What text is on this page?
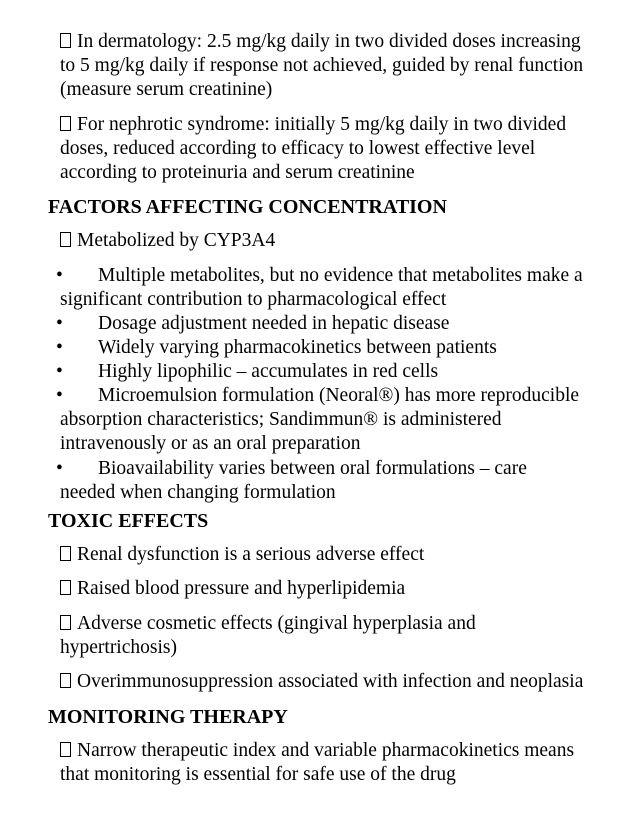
In dermatology: 2.5 mg/kg daily in two divided doses increasing
to 5 mg/kg daily if response not achieved, guided by renal function
(measure serum creatinine)

For nephrotic syndrome: initially 5 mg/kg daily in two divided
doses, reduced according to efficacy to lowest effective level
according to proteinuria and serum creatinine

FACTORS AFFECTING CONCENTRATION

Metabolized by CYP3A4

•	Multiple metabolites, but no evidence that metabolites make a
significant contribution to pharmacological effect
•	Dosage adjustment needed in hepatic disease
•	Widely varying pharmacokinetics between patients
•	Highly lipophilic – accumulates in red cells
•	Microemulsion formulation (Neoral®) has more reproducible
absorption characteristics; Sandimmun® is administered
intravenously or as an oral preparation
•	Bioavailability varies between oral formulations – care
needed when changing formulation
TOXIC EFFECTS

Renal dysfunction is a serious adverse effect

Raised blood pressure and hyperlipidemia

Adverse cosmetic effects (gingival hyperplasia and
hypertrichosis)

Overimmunosuppression associated with infection and neoplasia

MONITORING THERAPY

Narrow therapeutic index and variable pharmacokinetics means
that monitoring is essential for safe use of the drug
